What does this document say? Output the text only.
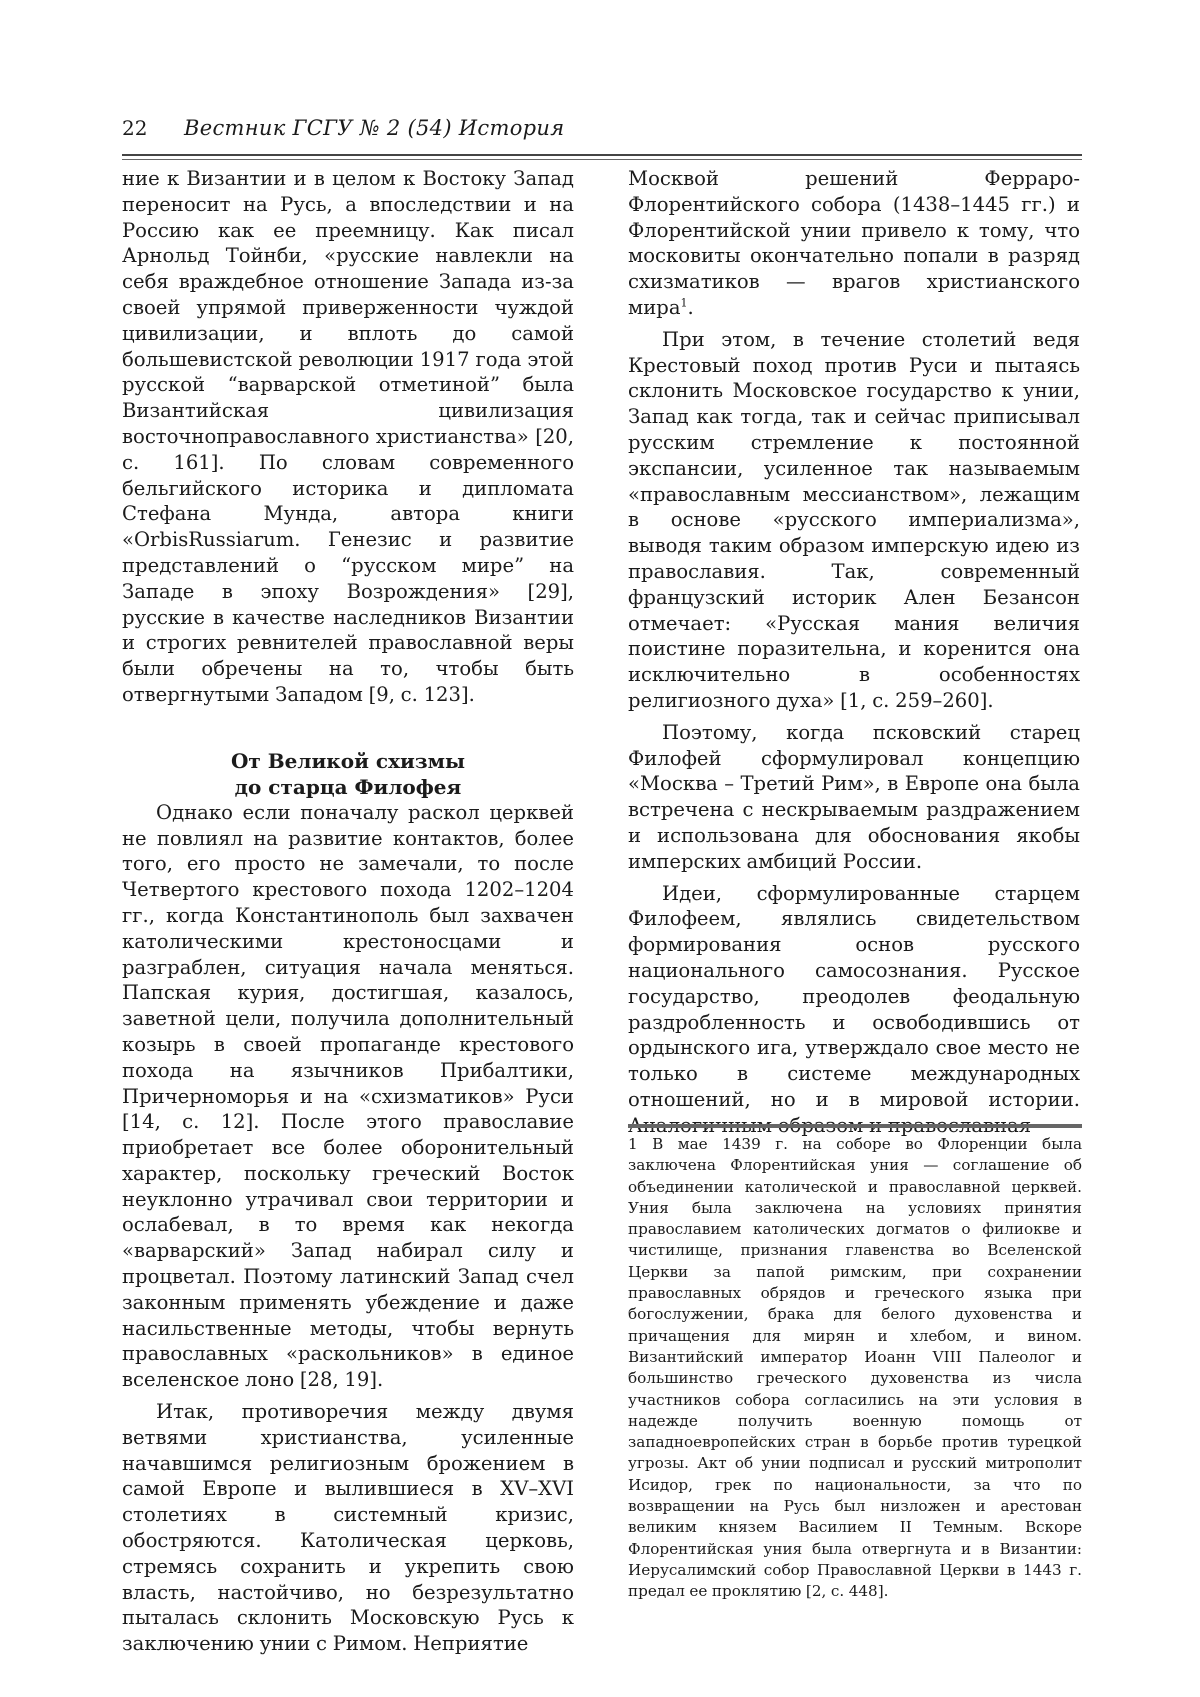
22 Вестник ГСГУ № 2 (54) История

ние к Византии и в целом к Востоку Запад переносит на Русь, а впоследствии и на Россию как ее преемницу. Как писал Арнольд Тойнби, «русские навлекли на себя враждебное отношение Запада из-за своей упрямой приверженности чуждой цивилизации, и вплоть до самой большевистской революции 1917 года этой русской “варварской отметиной” была Византийская цивилизация восточноправославного христианства» [20, с. 161]. По словам современного бельгийского историка и дипломата Стефана Мунда, автора книги «OrbisRussiarum. Генезис и развитие представлений о “русском мире” на Западе в эпоху Возрождения» [29], русские в качестве наследников Византии и строгих ревнителей православной веры были обречены на то, чтобы быть отвергнутыми Западом [9, с. 123].

От Великой схизмы
до старца Филофея

Однако если поначалу раскол церквей не повлиял на развитие контактов, более того, его просто не замечали, то после Четвертого крестового похода 1202–1204 гг., когда Константинополь был захвачен католическими крестоносцами и разграблен, ситуация начала меняться. Папская курия, достигшая, казалось, заветной цели, получила дополнительный козырь в своей пропаганде крестового похода на язычников Прибалтики, Причерноморья и на «схизматиков» Руси [14, с. 12]. После этого православие приобретает все более оборонительный характер, поскольку греческий Восток неуклонно утрачивал свои территории и ослабевал, в то время как некогда «варварский» Запад набирал силу и процветал. Поэтому латинский Запад счел законным применять убеждение и даже насильственные методы, чтобы вернуть православных «раскольников» в единое вселенское лоно [28, 19].

Итак, противоречия между двумя ветвями христианства, усиленные начавшимся религиозным брожением в самой Европе и вылившиеся в XV–XVI столетиях в системный кризис, обостряются. Католическая церковь, стремясь сохранить и укрепить свою власть, настойчиво, но безрезультатно пыталась склонить Московскую Русь к заключению унии с Римом. Неприятие

Москвой решений Ферраро-Флорентийского собора (1438–1445 гг.) и Флорентийской унии привело к тому, что московиты окончательно попали в разряд схизматиков — врагов христианского мира$^1$.

При этом, в течение столетий ведя Крестовый поход против Руси и пытаясь склонить Московское государство к унии, Запад как тогда, так и сейчас приписывал русским стремление к постоянной экспансии, усиленное так называемым «православным мессианством», лежащим в основе «русского империализма», выводя таким образом имперскую идею из православия. Так, современный французский историк Ален Безансон отмечает: «Русская мания величия поистине поразительна, и коренится она исключительно в особенностях религиозного духа» [1, с. 259–260].

Поэтому, когда псковский старец Филофей сформулировал концепцию «Москва – Третий Рим», в Европе она была встречена с нескрываемым раздражением и использована для обоснования якобы имперских амбиций России.

Идеи, сформулированные старцем Филофеем, являлись свидетельством формирования основ русского национального самосознания. Русское государство, преодолев феодальную раздробленность и освободившись от ордынского ига, утверждало свое место не только в системе международных отношений, но и в мировой истории. Аналогичным образом и православная

1 В мае 1439 г. на соборе во Флоренции была заключена Флорентийская уния — соглашение об объединении католической и православной церквей. Уния была заключена на условиях принятия православием католических догматов о филиокве и чистилище, признания главенства во Вселенской Церкви за папой римским, при сохранении православных обрядов и греческого языка при богослужении, брака для белого духовенства и причащения для мирян и хлебом, и вином. Византийский император Иоанн VIII Палеолог и большинство греческого духовенства из числа участников собора согласились на эти условия в надежде получить военную помощь от западноевропейских стран в борьбе против турецкой угрозы. Акт об унии подписал и русский митрополит Исидор, грек по национальности, за что по возвращении на Русь был низложен и арестован великим князем Василием II Темным. Вскоре Флорентийская уния была отвергнута и в Византии: Иерусалимский собор Православной Церкви в 1443 г. предал ее проклятию [2, с. 448].
